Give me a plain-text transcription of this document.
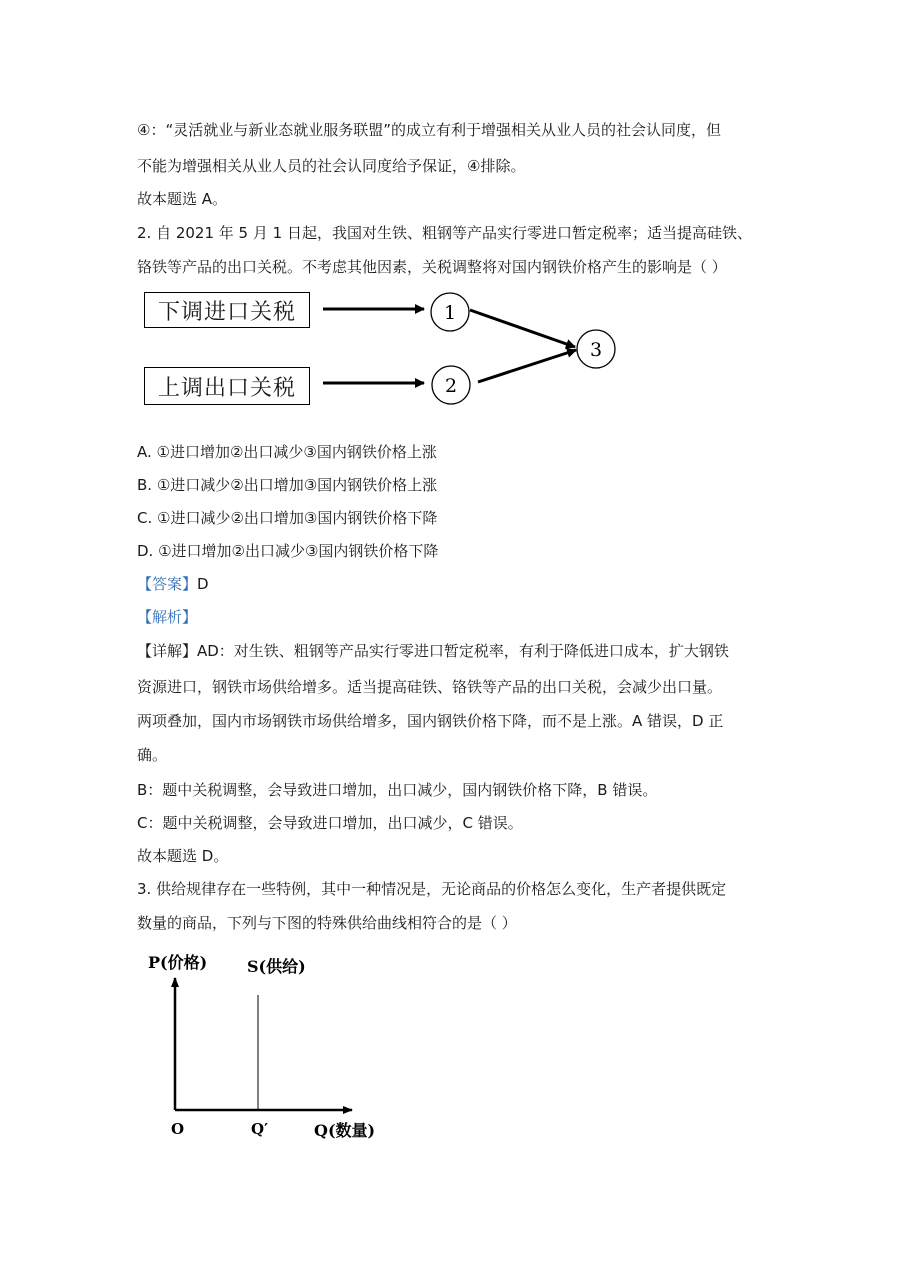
④：“灵活就业与新业态就业服务联盟”的成立有利于增强相关从业人员的社会认同度，但
不能为增强相关从业人员的社会认同度给予保证，④排除。
故本题选 A。
2. 自 2021 年 5 月 1 日起，我国对生铁、粗钢等产品实行零进口暂定税率；适当提高硅铁、
铬铁等产品的出口关税。不考虑其他因素，关税调整将对国内钢铁价格产生的影响是（ ）
下调进口关税
上调出口关税
1
2
3
A. ①进口增加②出口减少③国内钢铁价格上涨
B. ①进口减少②出口增加③国内钢铁价格上涨
C. ①进口减少②出口增加③国内钢铁价格下降
D. ①进口增加②出口减少③国内钢铁价格下降
【答案】D
【解析】
【详解】AD：对生铁、粗钢等产品实行零进口暂定税率，有利于降低进口成本，扩大钢铁
资源进口，钢铁市场供给增多。适当提高硅铁、铬铁等产品的出口关税，会减少出口量。
两项叠加，国内市场钢铁市场供给增多，国内钢铁价格下降，而不是上涨。A 错误，D 正
确。
B：题中关税调整，会导致进口增加，出口减少，国内钢铁价格下降，B 错误。
C：题中关税调整，会导致进口增加，出口减少，C 错误。
故本题选 D。
3. 供给规律存在一些特例，其中一种情况是，无论商品的价格怎么变化，生产者提供既定
数量的商品，下列与下图的特殊供给曲线相符合的是（ ）
P(价格) S(供给)
O	Q′	Q(数量)
